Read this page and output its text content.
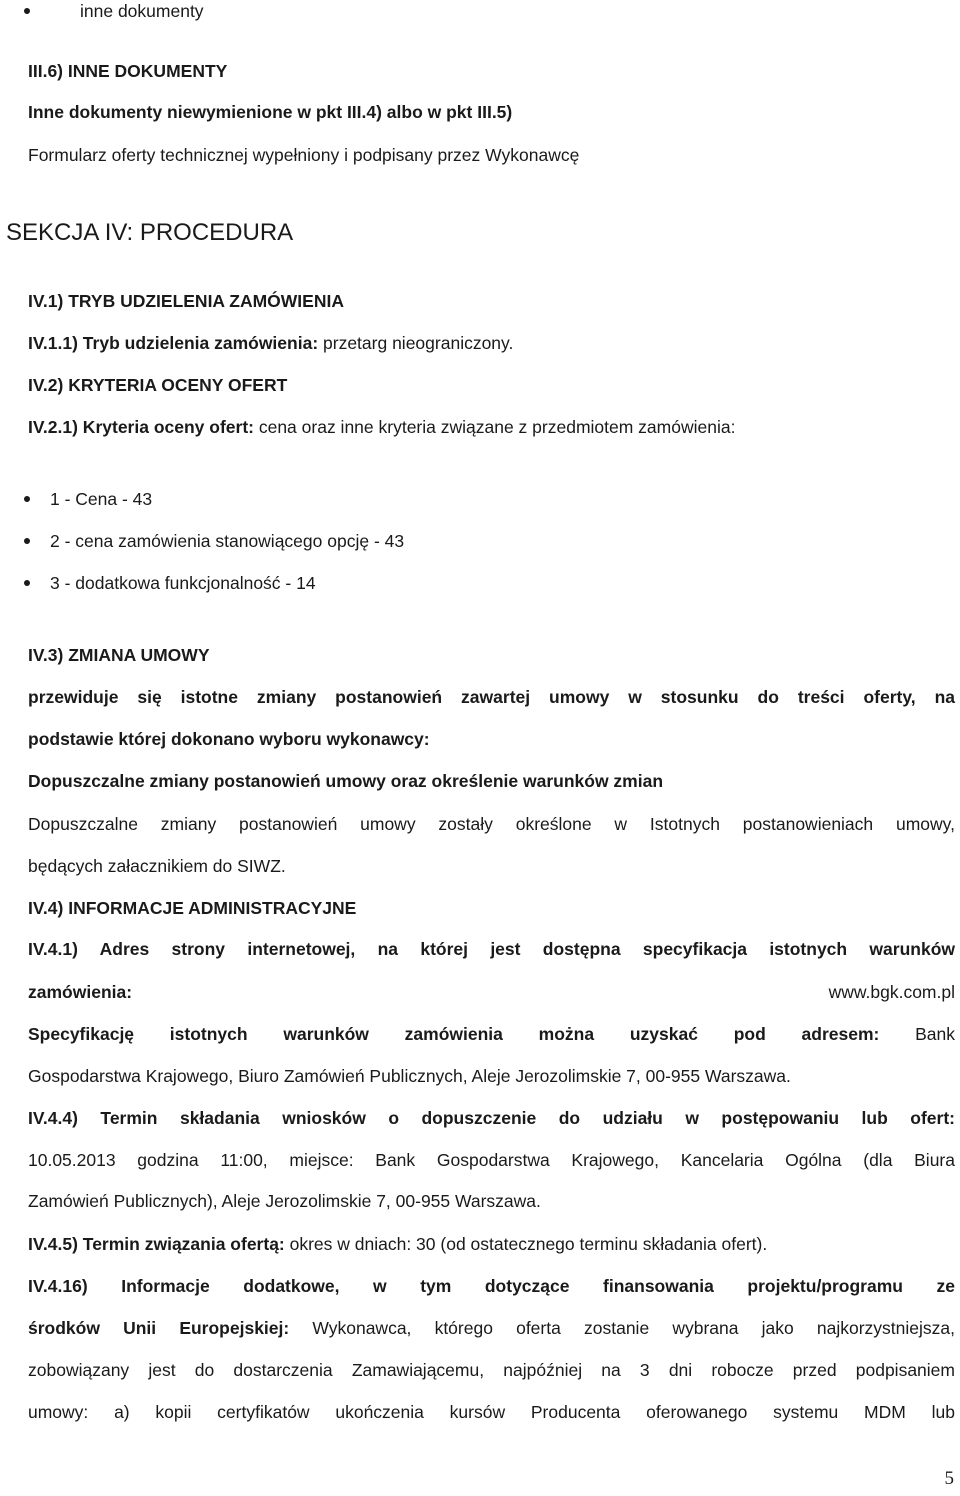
inne dokumenty
III.6) INNE DOKUMENTY
Inne dokumenty niewymienione w pkt III.4) albo w pkt III.5)
Formularz oferty technicznej wypełniony i podpisany przez Wykonawcę
SEKCJA IV: PROCEDURA
IV.1) TRYB UDZIELENIA ZAMÓWIENIA
IV.1.1) Tryb udzielenia zamówienia: przetarg nieograniczony.
IV.2) KRYTERIA OCENY OFERT
IV.2.1) Kryteria oceny ofert: cena oraz inne kryteria związane z przedmiotem zamówienia:
1 - Cena - 43
2 - cena zamówienia stanowiącego opcję - 43
3 - dodatkowa funkcjonalność - 14
IV.3) ZMIANA UMOWY
przewiduje się istotne zmiany postanowień zawartej umowy w stosunku do treści oferty, na
podstawie której dokonano wyboru wykonawcy:
Dopuszczalne zmiany postanowień umowy oraz określenie warunków zmian
Dopuszczalne zmiany postanowień umowy zostały określone w Istotnych postanowieniach umowy,
będących załacznikiem do SIWZ.
IV.4) INFORMACJE ADMINISTRACYJNE
IV.4.1) Adres strony internetowej, na której jest dostępna specyfikacja istotnych warunków
zamówienia:	www.bgk.com.pl
Specyfikację istotnych warunków zamówienia można uzyskać pod adresem: Bank
Gospodarstwa Krajowego, Biuro Zamówień Publicznych, Aleje Jerozolimskie 7, 00-955 Warszawa.
IV.4.4) Termin składania wniosków o dopuszczenie do udziału w postępowaniu lub ofert:
10.05.2013 godzina 11:00, miejsce: Bank Gospodarstwa Krajowego, Kancelaria Ogólna (dla Biura
Zamówień Publicznych), Aleje Jerozolimskie 7, 00-955 Warszawa.
IV.4.5) Termin związania ofertą: okres w dniach: 30 (od ostatecznego terminu składania ofert).
IV.4.16) Informacje dodatkowe, w tym dotyczące finansowania projektu/programu ze
środków Unii Europejskiej: Wykonawca, którego oferta zostanie wybrana jako najkorzystniejsza,
zobowiązany jest do dostarczenia Zamawiającemu, najpóźniej na 3 dni robocze przed podpisaniem
umowy: a) kopii certyfikatów ukończenia kursów Producenta oferowanego systemu MDM lub
5
